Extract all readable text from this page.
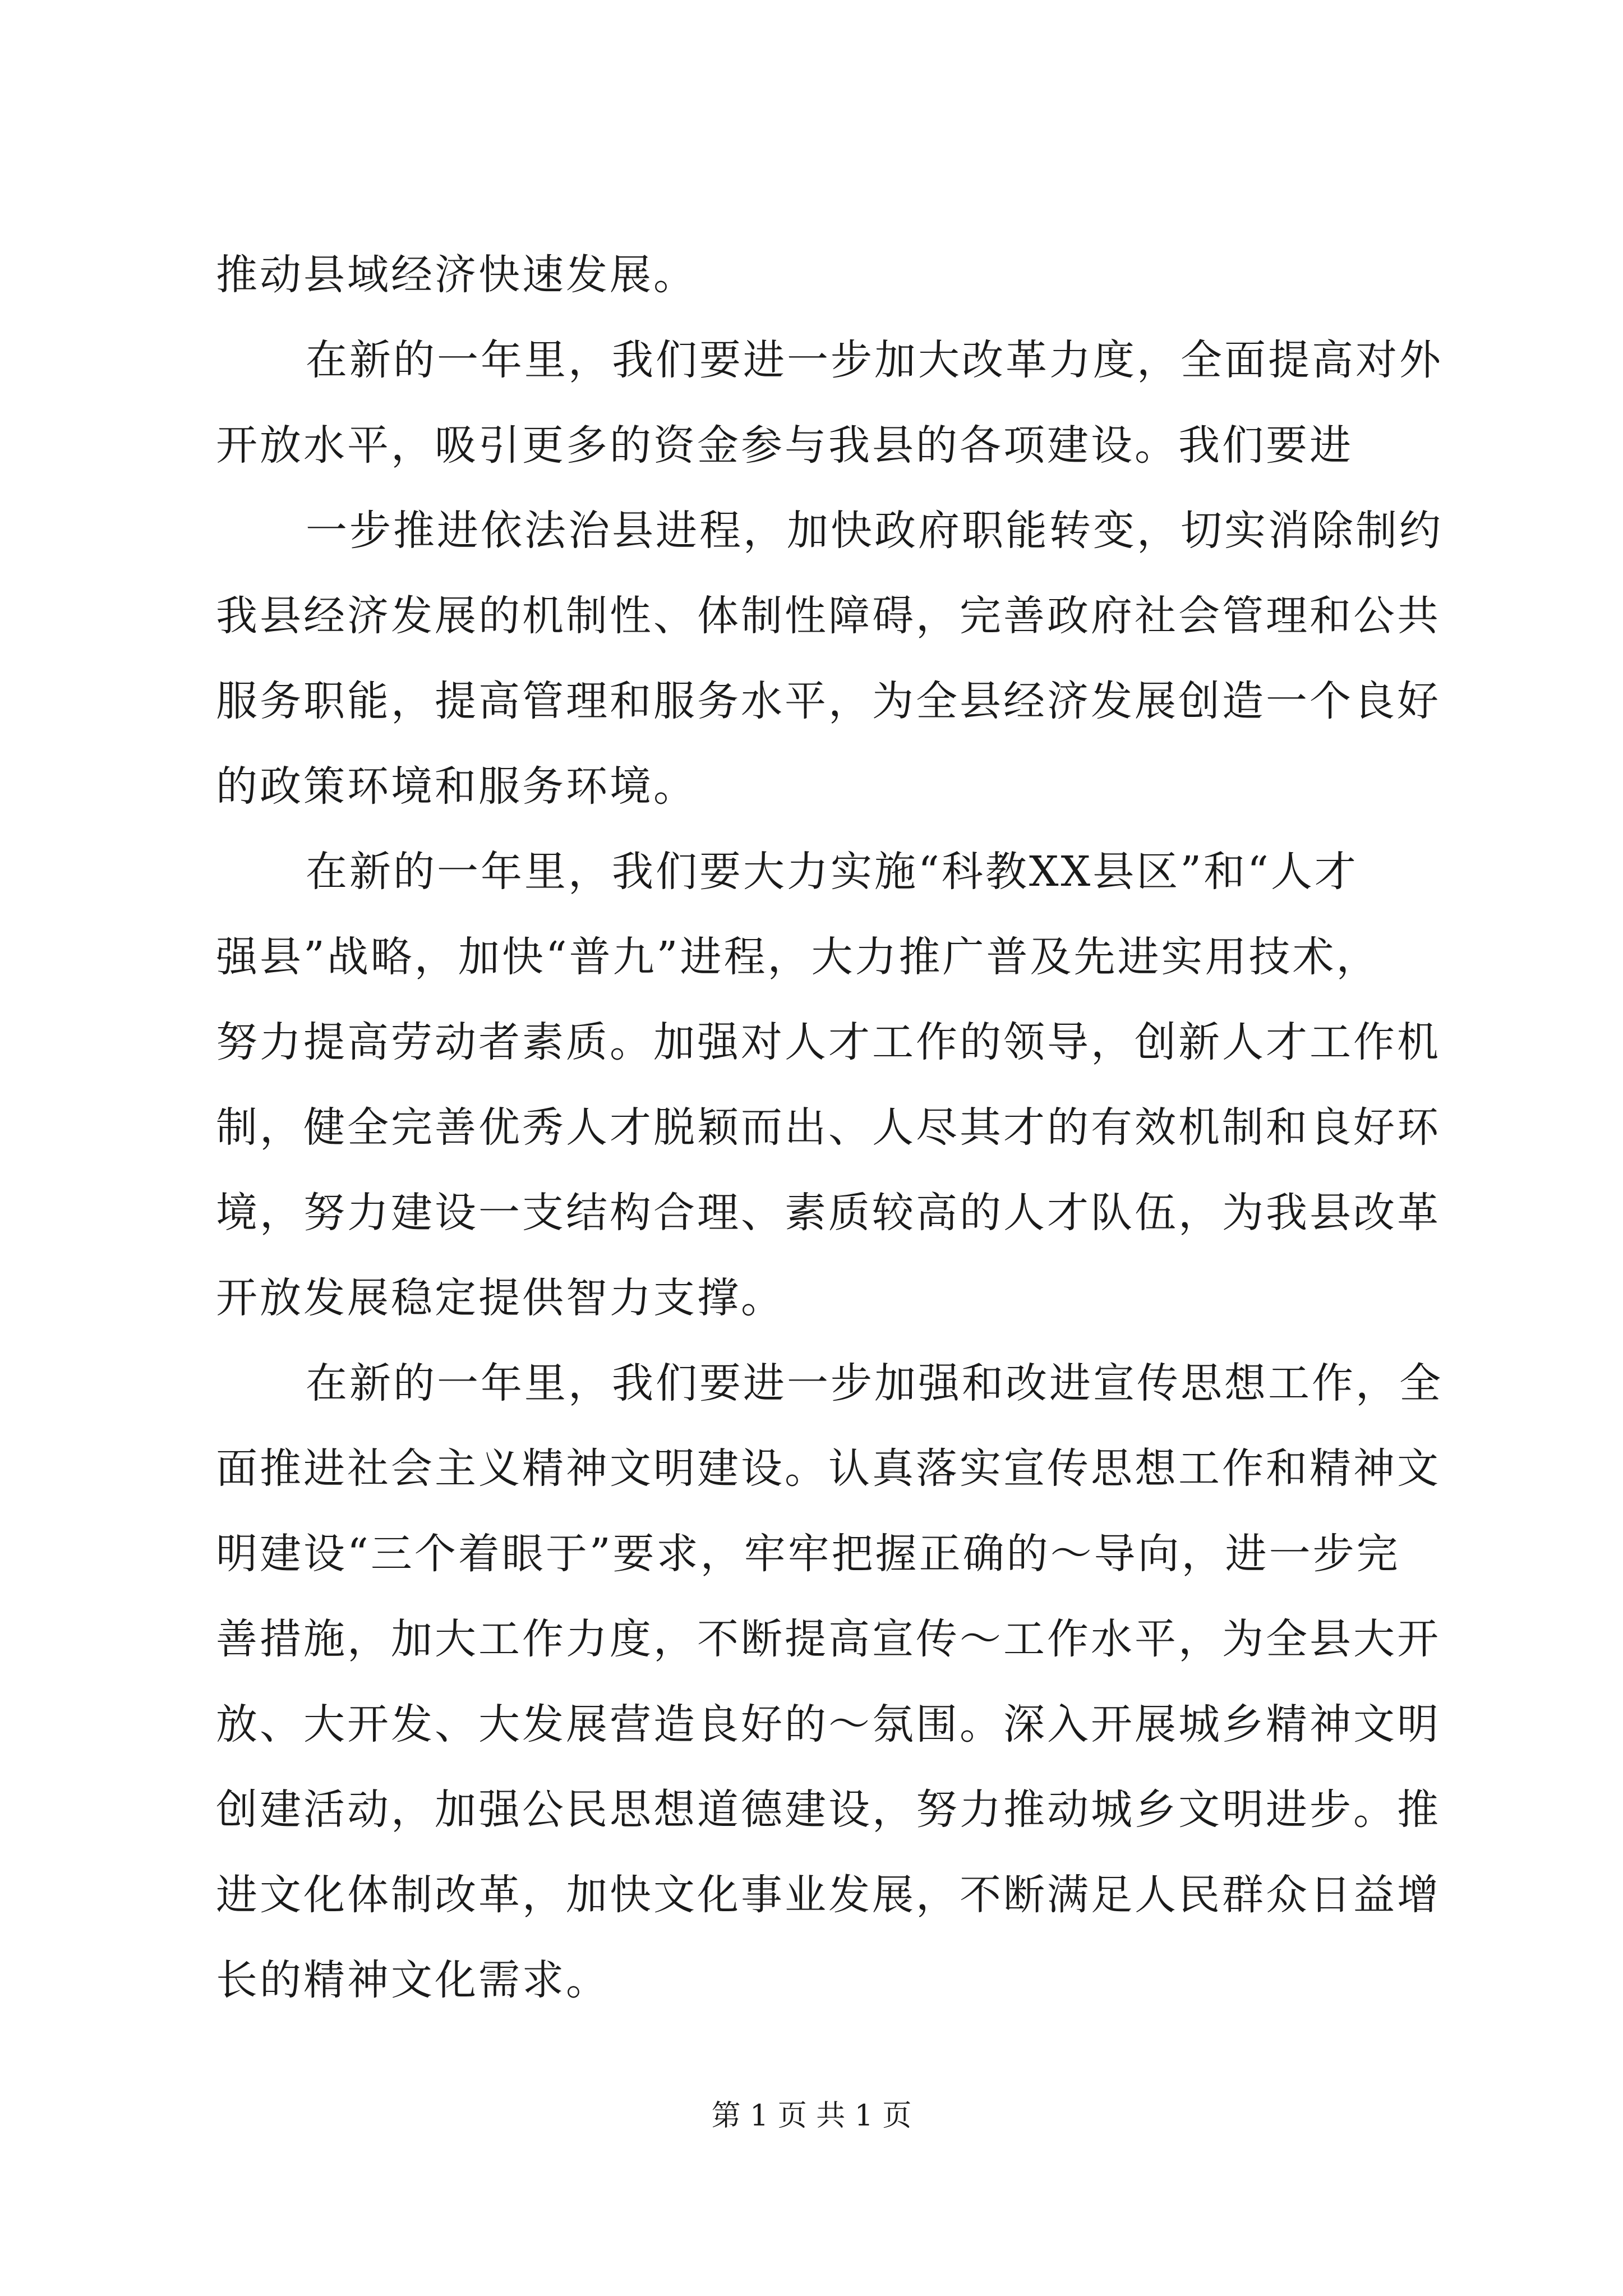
推动县域经济快速发展。
在新的一年里，我们要进一步加大改革力度，全面提高对外
开放水平，吸引更多的资金参与我县的各项建设。我们要进
一步推进依法治县进程，加快政府职能转变，切实消除制约
我县经济发展的机制性、体制性障碍，完善政府社会管理和公共
服务职能，提高管理和服务水平，为全县经济发展创造一个良好
的政策环境和服务环境。
在新的一年里，我们要大力实施“科教XX县区”和“人才
强县”战略，加快“普九”进程，大力推广普及先进实用技术，
努力提高劳动者素质。加强对人才工作的领导，创新人才工作机
制，健全完善优秀人才脱颖而出、人尽其才的有效机制和良好环
境，努力建设一支结构合理、素质较高的人才队伍，为我县改革
开放发展稳定提供智力支撑。
在新的一年里，我们要进一步加强和改进宣传思想工作，全
面推进社会主义精神文明建设。认真落实宣传思想工作和精神文
明建设“三个着眼于”要求，牢牢把握正确的～导向，进一步完
善措施，加大工作力度，不断提高宣传～工作水平，为全县大开
放、大开发、大发展营造良好的～氛围。深入开展城乡精神文明
第 1 页 共 1 页
创建活动，加强公民思想道德建设，努力推动城乡文明进步。推
进文化体制改革，加快文化事业发展，不断满足人民群众日益增
长的精神文化需求。
